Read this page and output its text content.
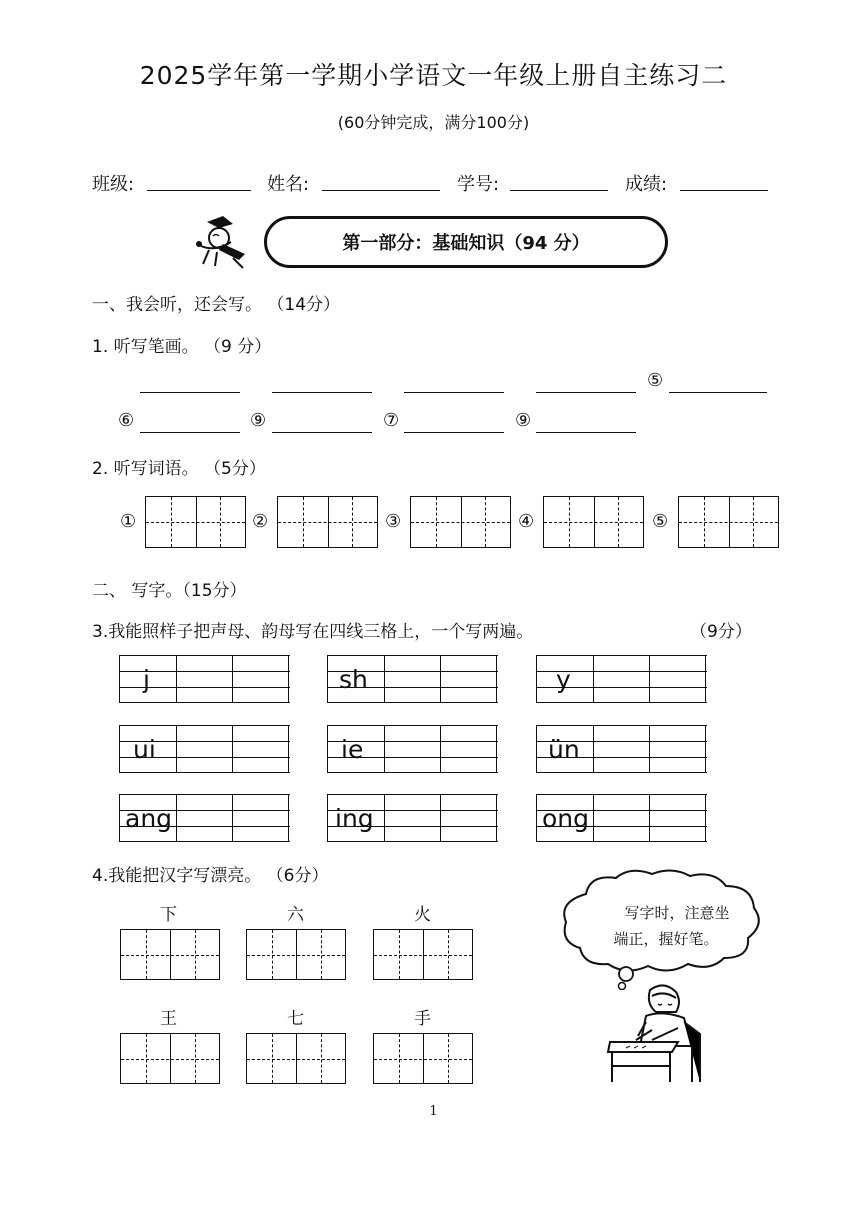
2025学年第一学期小学语文一年级上册自主练习二
(60分钟完成，满分100分)
班级:	姓名:	学号:	成绩:
第一部分：基础知识（94 分）
一、我会听，还会写。 （14分）
1. 听写笔画。 （9 分）
⑤
⑥	⑨	⑦	⑨
2. 听写词语。 （5分）
①	②	③	④	⑤
二、 写字。（15分）
3.我能照样子把声母、韵母写在四线三格上，一个写两遍。	（9分）
j	sh	y
ui	ie	ün
ang	ing	ong
4.我能把汉字写漂亮。 （6分）
下	六	火
王	七	手
写字时，注意坐
端正，握好笔。
1
